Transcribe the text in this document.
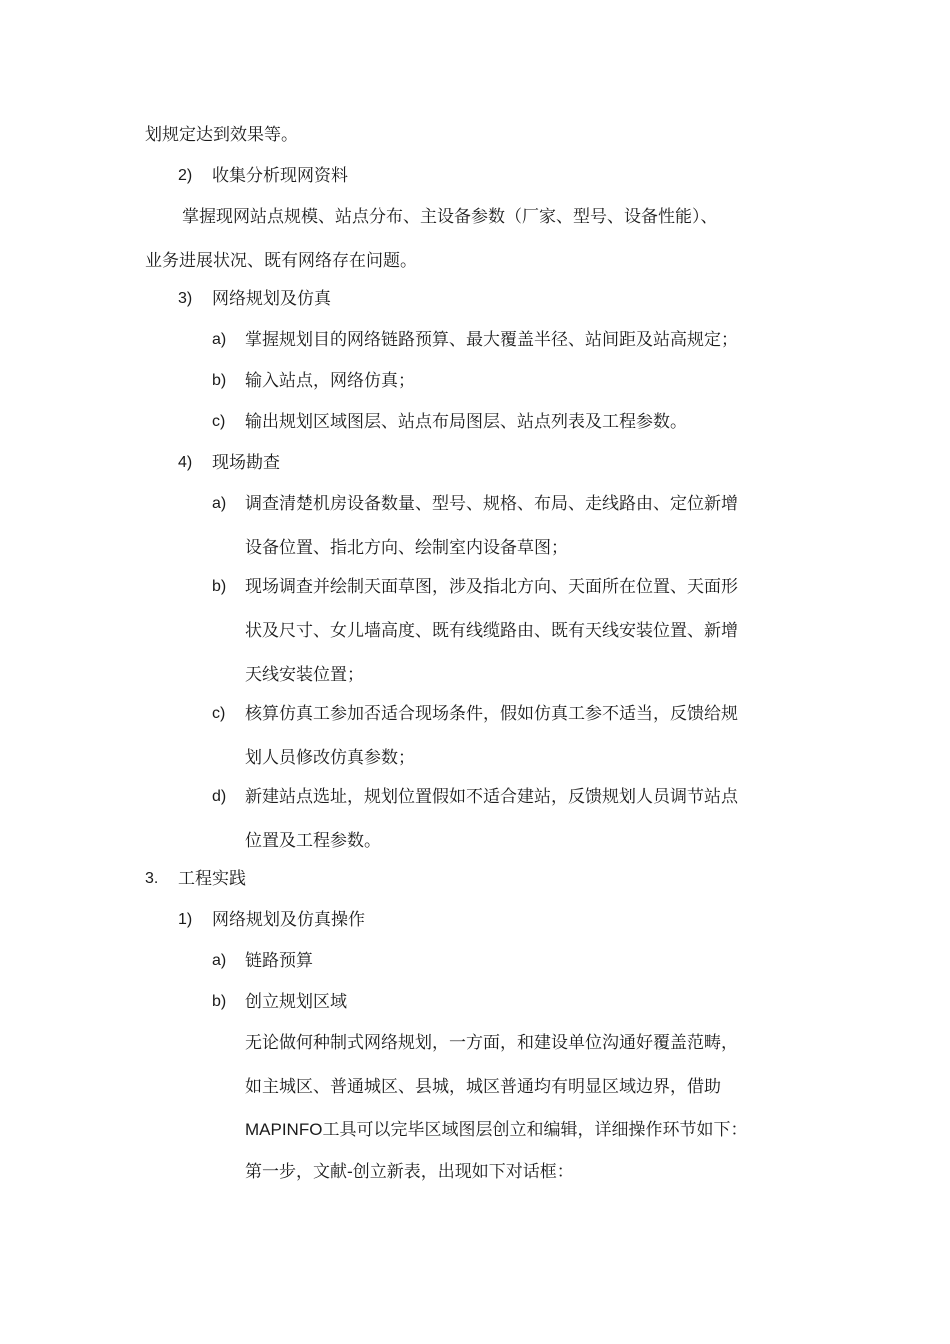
划规定达到效果等。
2) 收集分析现网资料
掌握现网站点规模、站点分布、主设备参数（厂家、型号、设备性能）、
业务进展状况、既有网络存在问题。
3) 网络规划及仿真
a) 掌握规划目的网络链路预算、最大覆盖半径、站间距及站高规定；
b) 输入站点，网络仿真；
c) 输出规划区域图层、站点布局图层、站点列表及工程参数。
4) 现场勘查
a) 调查清楚机房设备数量、型号、规格、布局、走线路由、定位新增
设备位置、指北方向、绘制室内设备草图；
b) 现场调查并绘制天面草图，涉及指北方向、天面所在位置、天面形
状及尺寸、女儿墙高度、既有线缆路由、既有天线安装位置、新增
天线安装位置；
c) 核算仿真工参加否适合现场条件，假如仿真工参不适当，反馈给规
划人员修改仿真参数；
d) 新建站点选址，规划位置假如不适合建站，反馈规划人员调节站点
位置及工程参数。
3. 工程实践
1) 网络规划及仿真操作
a) 链路预算
b) 创立规划区域
无论做何种制式网络规划，一方面，和建设单位沟通好覆盖范畴，
如主城区、普通城区、县城，城区普通均有明显区域边界，借助
MAPINFO工具可以完毕区域图层创立和编辑，详细操作环节如下：
第一步，文献-创立新表，出现如下对话框：
